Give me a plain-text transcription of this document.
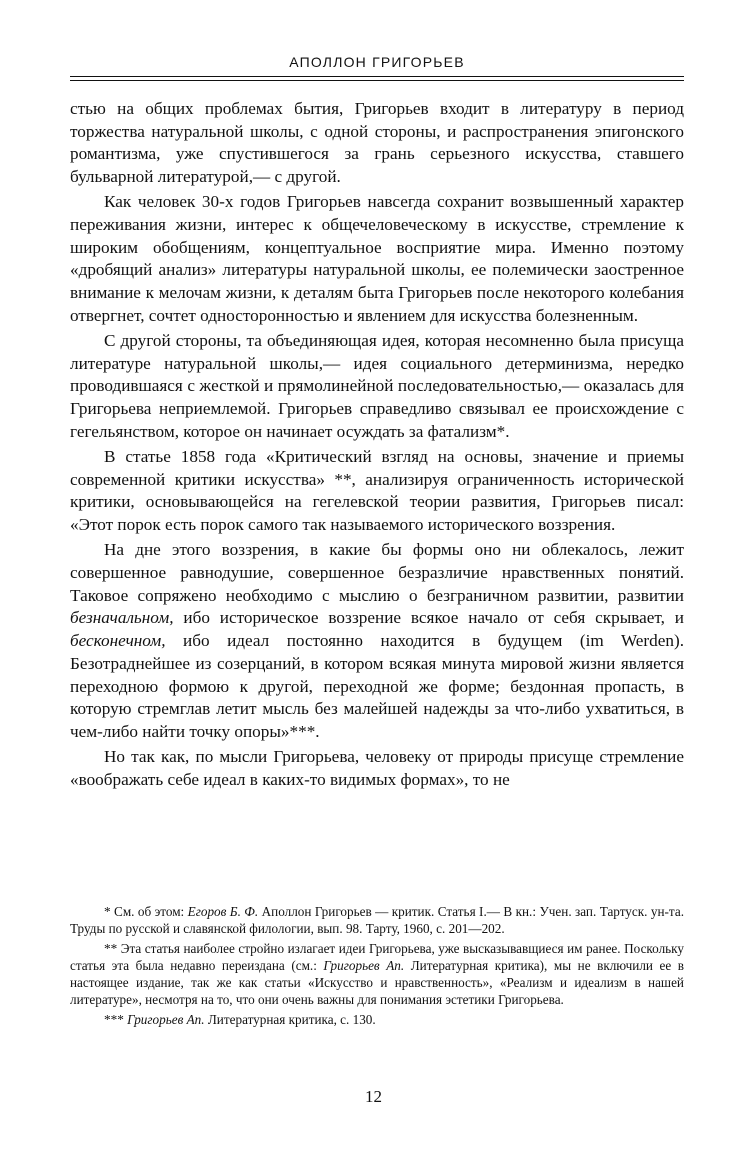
АПОЛЛОН ГРИГОРЬЕВ

стью на общих проблемах бытия, Григорьев входит в литературу в период торжества натуральной школы, с одной стороны, и распространения эпигонского романтизма, уже спустившегося за грань серьезного искусства, ставшего бульварной литературой,— с другой.

Как человек 30-х годов Григорьев навсегда сохранит возвышенный характер переживания жизни, интерес к общечеловеческому в искусстве, стремление к широким обобщениям, концептуальное восприятие мира. Именно поэтому «дробящий анализ» литературы натуральной школы, ее полемически заостренное внимание к мелочам жизни, к деталям быта Григорьев после некоторого колебания отвергнет, сочтет односторонностью и явлением для искусства болезненным.

С другой стороны, та объединяющая идея, которая несомненно была присуща литературе натуральной школы,— идея социального детерминизма, нередко проводившаяся с жесткой и прямолинейной последовательностью,— оказалась для Григорьева неприемлемой. Григорьев справедливо связывал ее происхождение с гегельянством, которое он начинает осуждать за фатализм*.

В статье 1858 года «Критический взгляд на основы, значение и приемы современной критики искусства» **, анализируя ограниченность исторической критики, основывающейся на гегелевской теории развития, Григорьев писал: «Этот порок есть порок самого так называемого исторического воззрения.

На дне этого воззрения, в какие бы формы оно ни облекалось, лежит совершенное равнодушие, совершенное безразличие нравственных понятий. Таковое сопряжено необходимо с мыслию о безграничном развитии, развитии безначальном, ибо историческое воззрение всякое начало от себя скрывает, и бесконечном, ибо идеал постоянно находится в будущем (im Werden). Безотраднейшее из созерцаний, в котором всякая минута мировой жизни является переходною формою к другой, переходной же форме; бездонная пропасть, в которую стремглав летит мысль без малейшей надежды за что-либо ухватиться, в чем-либо найти точку опоры»***.

Но так как, по мысли Григорьева, человеку от природы присуще стремление «воображать себе идеал в каких-то видимых формах», то не

* См. об этом: Егоров Б. Ф. Аполлон Григорьев — критик. Статья I.— В кн.: Учен. зап. Тартуск. ун-та. Труды по русской и славянской филологии, вып. 98. Тарту, 1960, с. 201—202.

** Эта статья наиболее стройно излагает идеи Григорьева, уже высказывавщиеся им ранее. Поскольку статья эта была недавно переиздана (см.: Григорьев Ап. Литературная критика), мы не включили ее в настоящее издание, так же как статьи «Искусство и нравственность», «Реализм и идеализм в нашей литературе», несмотря на то, что они очень важны для понимания эстетики Григорьева.

*** Григорьев Ап. Литературная критика, с. 130.

12
